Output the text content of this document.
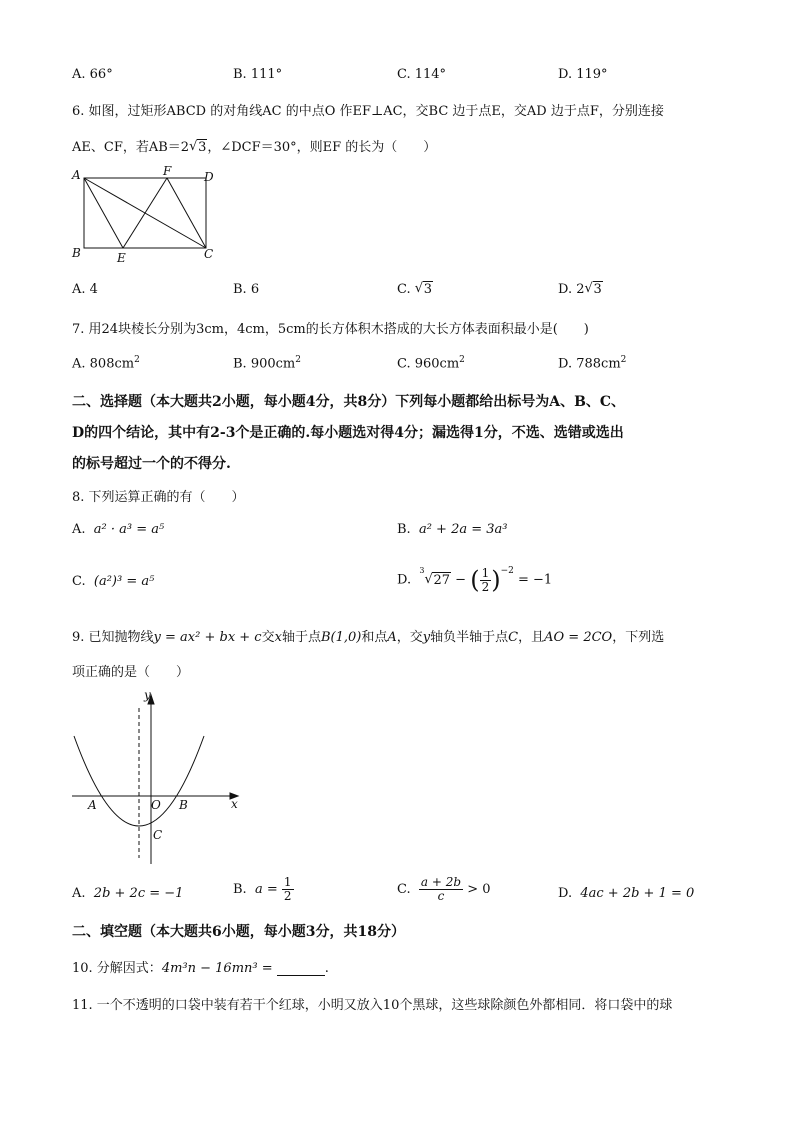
A. 66°	B. 111°	C. 114°	D. 119°
6. 如图，过矩形ABCD 的对角线AC 的中点O 作EF⊥AC，交BC 边于点E，交AD 边于点F，分别连接
AE、CF，若AB＝2 √ 3，∠DCF＝30°，则EF 的长为（　　）
A	F	D
B	E	C
A. 4	B. 6	C. √ 3	D. 2 √ 3
7. 用24块棱长分别为3cm，4cm，5cm的长方体积木搭成的大长方体表面积最小是(　　)
A. $808cm^2$	B. $900cm^2$	C. $960cm^2$	D. $788cm^2$
二、选择题（本大题共2小题，每小题4分，共8分）下列每小题都给出标号为A、B、C、
D的四个结论，其中有2-3个是正确的.每小题选对得4分；漏选得1分，不选、选错或选出
的标号超过一个的不得分.
8. 下列运算正确的有（　　）
A. a² · a³ = a⁵	B. a² + 2a = 3a³
C. (a²)³ = a⁵	D.  $^3$√ 27 − ( $\frac{1}{2} )^{-2} = -1$
9. 已知抛物线y = ax² + bx + c交x轴于点B(1,0)和点A，交y轴负半轴于点C，且AO = 2CO，下列选
项正确的是（　　）
y
x
O
A	B
C
A. 2b + 2c = −1	B. $a = \frac{1}{2}$	C. $\frac{a + 2b}{c} > 0$	D. 4ac + 2b + 1 = 0
二、填空题（本大题共6小题，每小题3分，共18分）
10. 分解因式：4m³n − 16mn³ =	.
11. 一个不透明的口袋中装有若干个红球，小明又放入10个黑球，这些球除颜色外都相同．将口袋中的球
